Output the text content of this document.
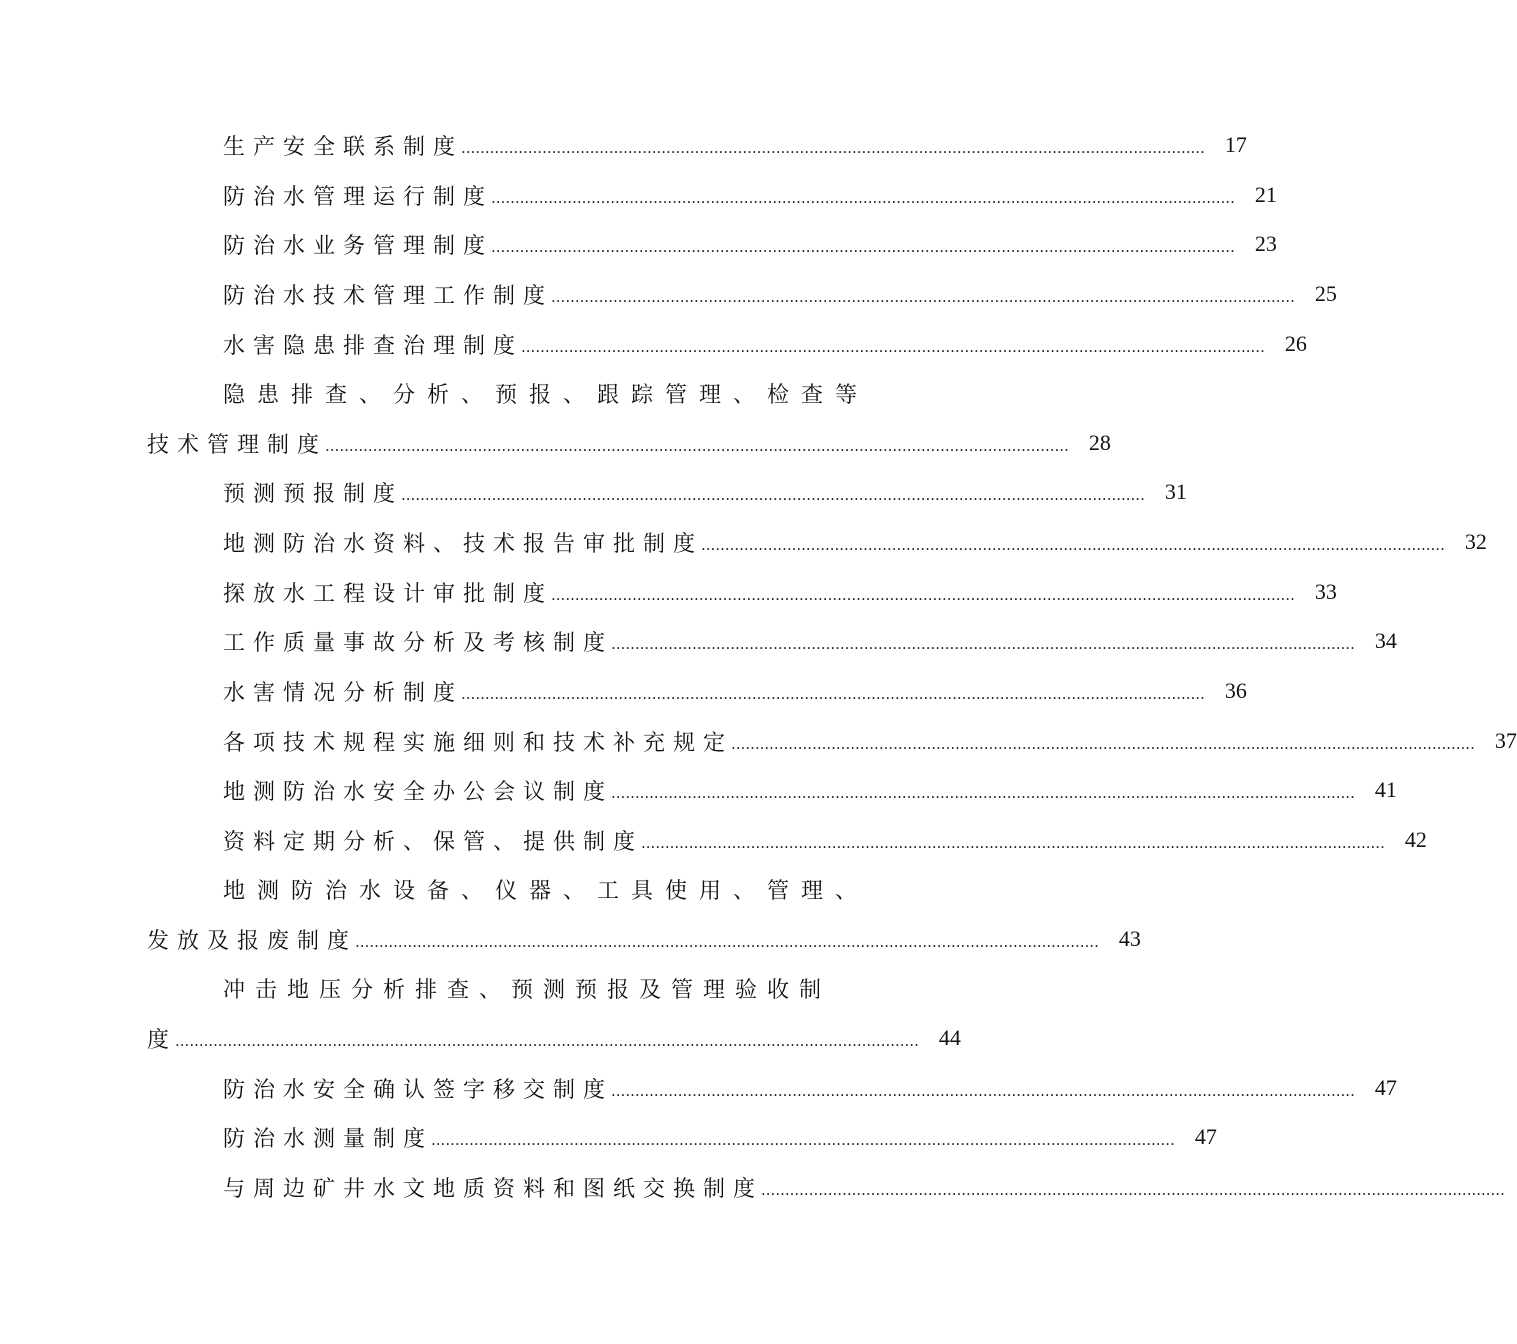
生产安全联系制度
............................................................................................................................................................ 17
防治水管理运行制度
............................................................................................................................................................ 21
防治水业务管理制度
............................................................................................................................................................ 23
防治水技术管理工作制度
............................................................................................................................................................ 25
水害隐患排查治理制度
............................................................................................................................................................ 26
隐患排查、分析、预报、跟踪管理、检查等
技术管理制度
............................................................................................................................................................ 28
预测预报制度
............................................................................................................................................................ 31
地测防治水资料、技术报告审批制度
............................................................................................................................................................ 32
探放水工程设计审批制度
............................................................................................................................................................ 33
工作质量事故分析及考核制度
............................................................................................................................................................ 34
水害情况分析制度
............................................................................................................................................................ 36
各项技术规程实施细则和技术补充规定
............................................................................................................................................................ 37
地测防治水安全办公会议制度
............................................................................................................................................................ 41
资料定期分析、保管、提供制度
............................................................................................................................................................ 42
地测防治水设备、仪器、工具使用、管理、
发放及报废制度
............................................................................................................................................................ 43
冲击地压分析排查、预测预报及管理验收制
度
............................................................................................................................................................ 44
防治水安全确认签字移交制度
............................................................................................................................................................ 47
防治水测量制度
............................................................................................................................................................ 47
与周边矿井水文地质资料和图纸交换制度
............................................................................................................................................................
